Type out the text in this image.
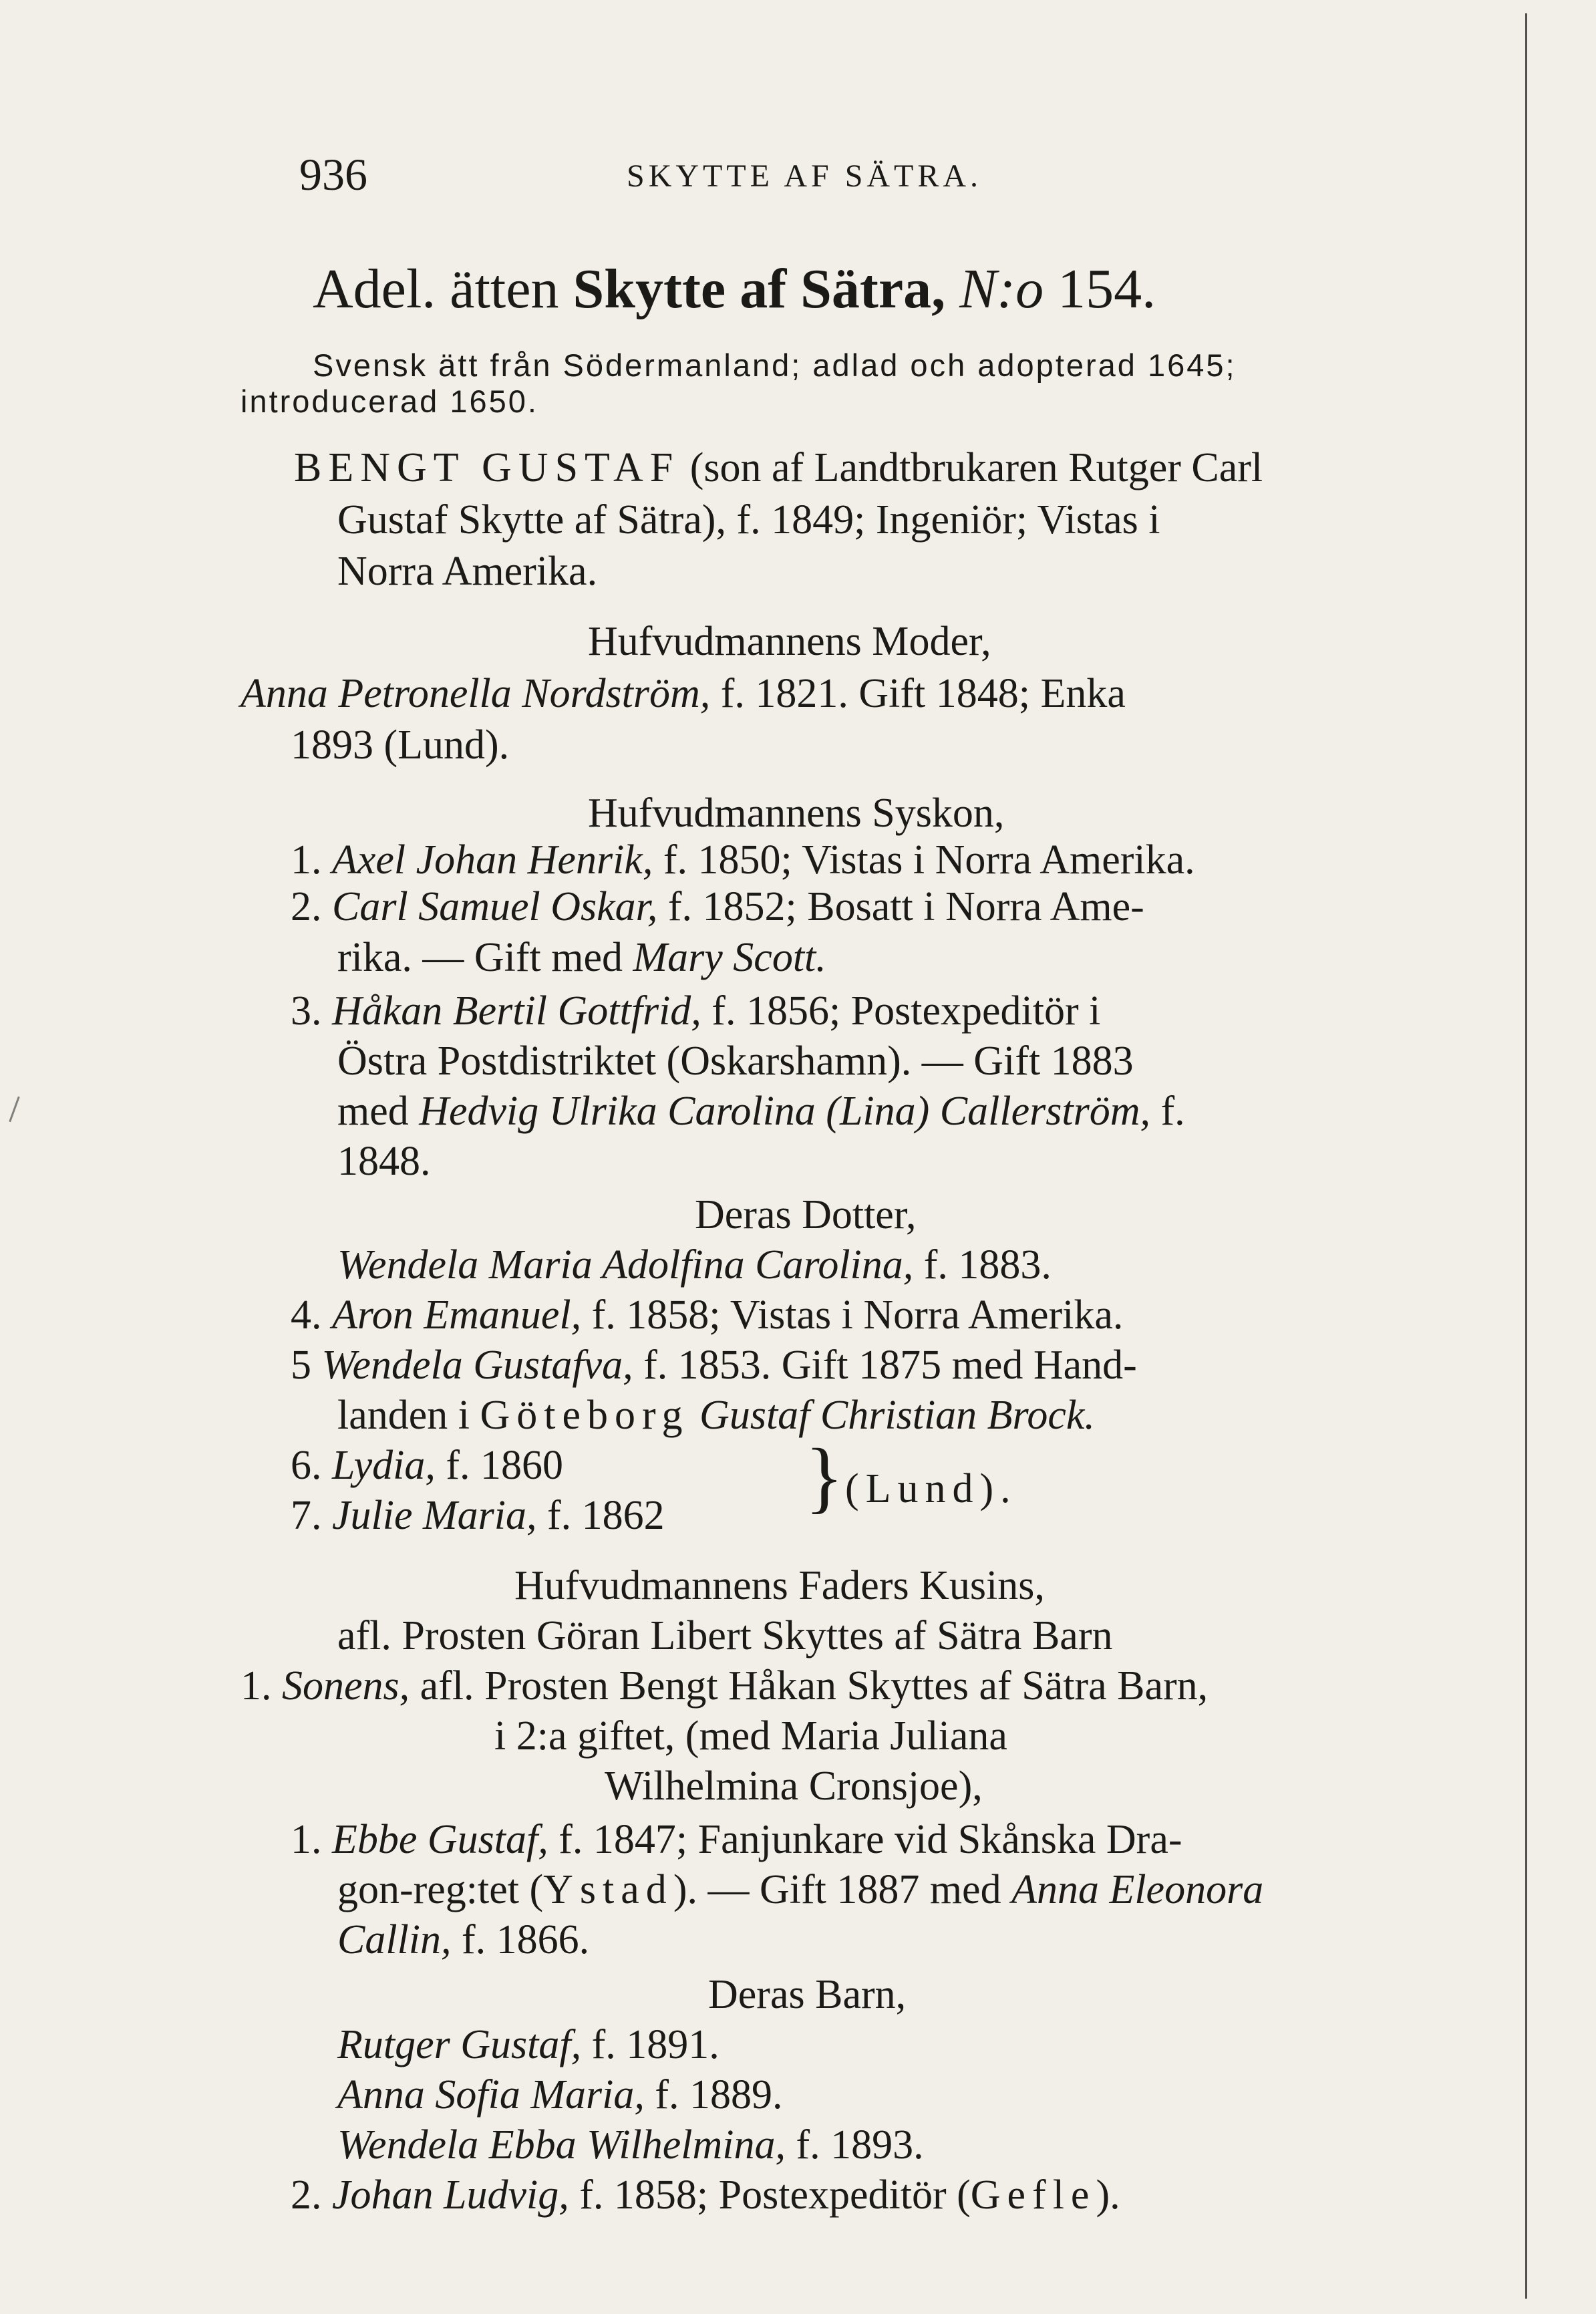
936	SKYTTE AF SÄTRA.
Adel. ätten Skytte af Sätra, N:o 154.
Svensk ätt från Södermanland; adlad och adopterad 1645;
introducerad 1650.
BENGT GUSTAF (son af Landtbrukaren Rutger Carl
Gustaf Skytte af Sätra), f. 1849; Ingeniör; Vistas i
Norra Amerika.
Hufvudmannens Moder,
Anna Petronella Nordström, f. 1821. Gift 1848; Enka
1893 (Lund).
Hufvudmannens Syskon,
1. Axel Johan Henrik, f. 1850; Vistas i Norra Amerika.
2. Carl Samuel Oskar, f. 1852; Bosatt i Norra Ame-
rika. — Gift med Mary Scott.
3. Håkan Bertil Gottfrid, f. 1856; Postexpeditör i
Östra Postdistriktet (Oskarshamn). — Gift 1883
med Hedvig Ulrika Carolina (Lina) Callerström, f.
1848.
Deras Dotter,
Wendela Maria Adolfina Carolina, f. 1883.
4. Aron Emanuel, f. 1858; Vistas i Norra Amerika.
5 Wendela Gustafva, f. 1853. Gift 1875 med Hand-
landen i Göteborg Gustaf Christian Brock.
6. Lydia, f. 1860
7. Julie Maria, f. 1862 } (Lund).
Hufvudmannens Faders Kusins,
afl. Prosten Göran Libert Skyttes af Sätra Barn
1. Sonens, afl. Prosten Bengt Håkan Skyttes af Sätra Barn,
i 2:a giftet, (med Maria Juliana
Wilhelmina Cronsjoe),
1. Ebbe Gustaf, f. 1847; Fanjunkare vid Skånska Dra-
gon-reg:tet (Ystad). — Gift 1887 med Anna Eleonora
Callin, f. 1866.
Deras Barn,
Rutger Gustaf, f. 1891.
Anna Sofia Maria, f. 1889.
Wendela Ebba Wilhelmina, f. 1893.
2. Johan Ludvig, f. 1858; Postexpeditör (Gefle).
